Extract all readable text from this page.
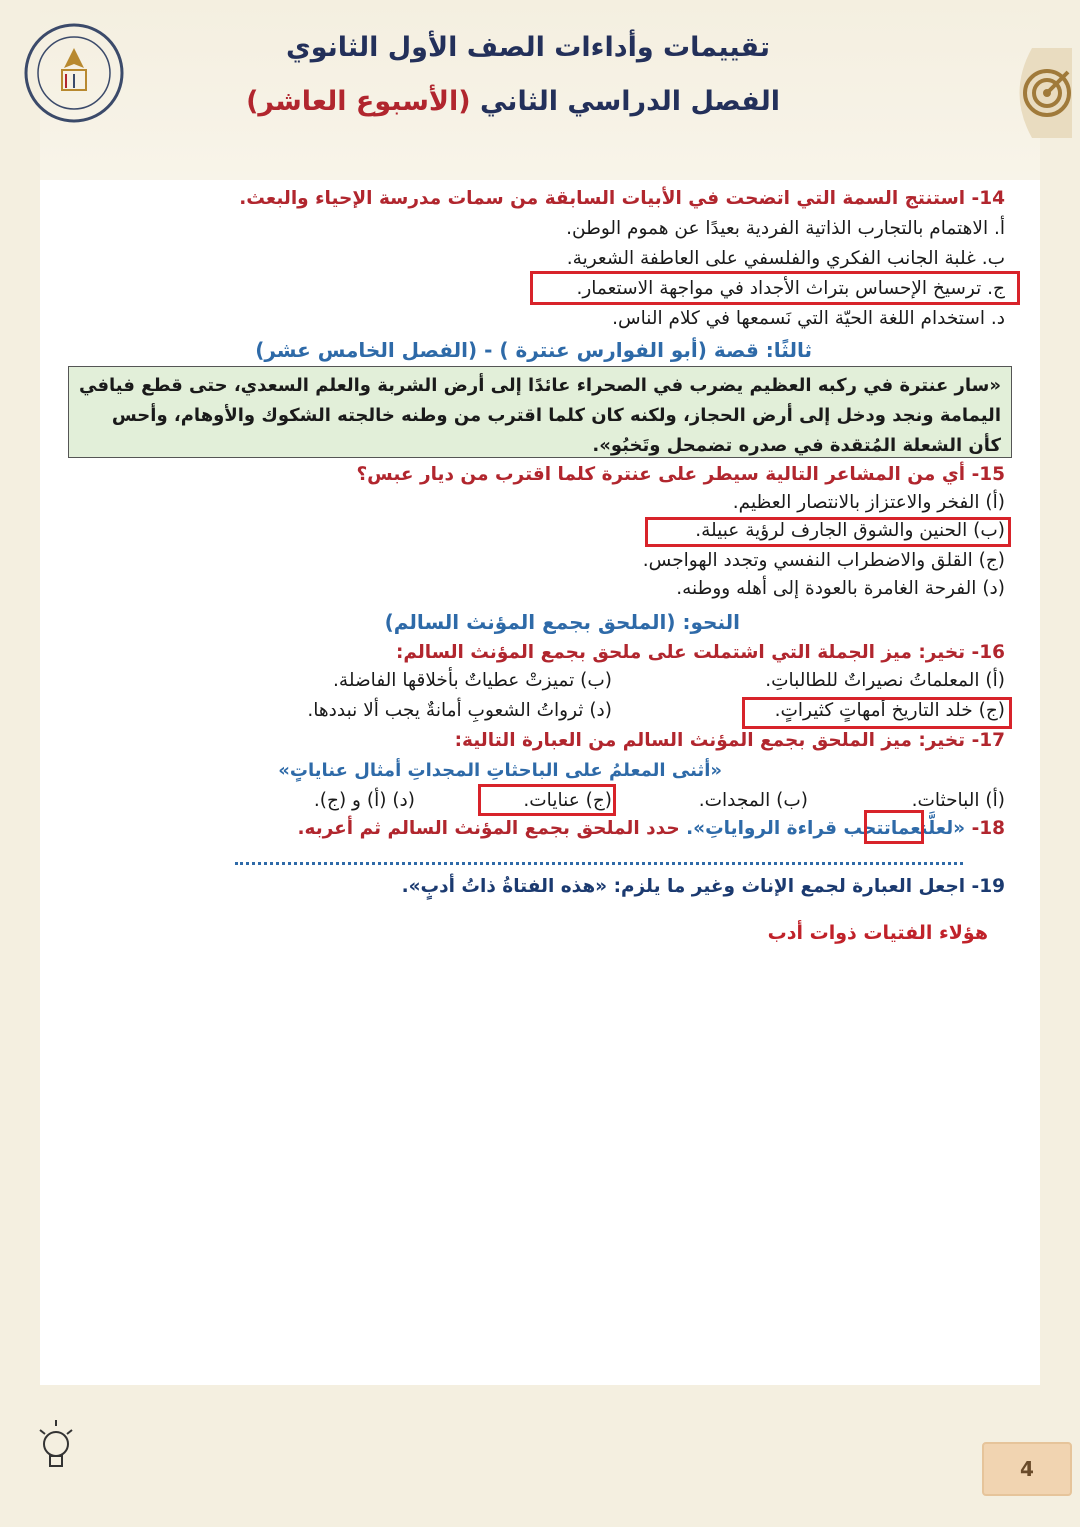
تقييمات وأداءات الصف الأول الثانوي
الفصل الدراسي الثاني (الأسبوع العاشر)
14- استنتج السمة التي اتضحت في الأبيات السابقة من سمات مدرسة الإحياء والبعث.
أ. الاهتمام بالتجارب الذاتية الفردية بعيدًا عن هموم الوطن.
ب. غلبة الجانب الفكري والفلسفي على العاطفة الشعرية.
ج. ترسيخ الإحساس بتراث الأجداد في مواجهة الاستعمار.
د. استخدام اللغة الحيّة التي نَسمعها في كلام الناس.
ثالثًا: قصة (أبو الفوارس عنترة ) - (الفصل الخامس عشر)
«سار عنترة في ركبه العظيم يضرب في الصحراء عائدًا إلى أرض الشربة والعلم السعدي، حتى قطع فيافي اليمامة ونجد ودخل إلى أرض الحجاز، ولكنه كان كلما اقترب من وطنه خالجته الشكوك والأوهام، وأحس كأن الشعلة المُتقدة في صدره تضمحل وتَخبُو».
15- أي من المشاعر التالية سيطر على عنترة كلما اقترب من ديار عبس؟
(أ) الفخر والاعتزاز بالانتصار العظيم.
(ب) الحنين والشوق الجارف لرؤية عبيلة.
(ج) القلق والاضطراب النفسي وتجدد الهواجس.
(د) الفرحة الغامرة بالعودة إلى أهله ووطنه.
النحو: (الملحق بجمع المؤنث السالم)
16- تخير: ميز الجملة التي اشتملت على ملحق بجمع المؤنث السالم:
(أ) المعلماتُ نصيراتٌ للطالباتِ.
(ب) تميزتْ عطياتٌ بأخلاقها الفاضلة.
(ج) خلد التاريخ أمهاتٍ كثيراتٍ.
(د) ثرواتُ الشعوبِ أمانةٌ يجب ألا نبددها.
17- تخير: ميز الملحق بجمع المؤنث السالم من العبارة التالية:
«أثنى المعلمُ على الباحثاتِ المجداتِ أمثال عناياتٍ»
(أ) الباحثات.
(ب) المجدات.
(ج) عنايات.
(د) (أ) و (ج).
18- «لعلَّنعماتتحب قراءة الرواياتِ». حدد الملحق بجمع المؤنث السالم ثم أعربه.
19- اجعل العبارة لجمع الإناث وغير ما يلزم: «هذه الفتاةُ ذاتُ أدبٍ».
هؤلاء الفتيات ذوات أدب
4
